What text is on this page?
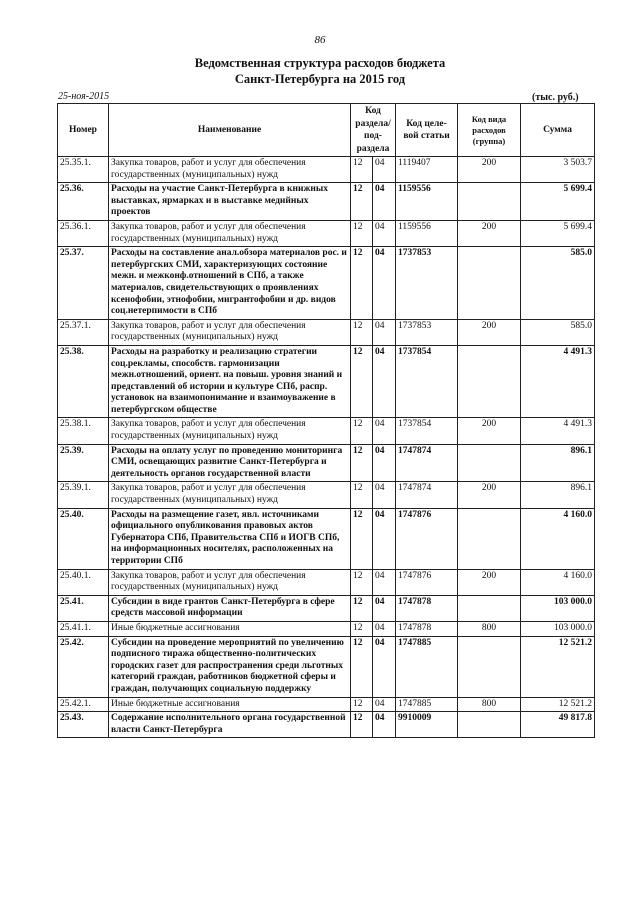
86
Ведомственная структура расходов бюджета
Санкт-Петербурга на 2015 год
25-ноя-2015	(тыс. руб.)
Номер	Наименование	Код раздела/ под- раздела		Код целе- вой статьи	Код вида расходов (группа)	Сумма
25.35.1.	Закупка товаров, работ и услуг для обеспечения государственных (муниципальных) нужд	12	04	1119407	200	3 503.7
25.36.	Расходы на участие Санкт-Петербурга в книжных выставках, ярмарках и в выставке медийных проектов	12	04	1159556		5 699.4
25.36.1.	Закупка товаров, работ и услуг для обеспечения государственных (муниципальных) нужд	12	04	1159556	200	5 699.4
25.37.	Расходы на составление анал.обзора материалов рос. и петербургских СМИ, характеризующих состояние межн. и межконф.отношений в СПб, а также материалов, свидетельствующих о проявлениях ксенофобии, этнофобии, мигрантофобии и др. видов соц.нетерпимости в СПб	12	04	1737853		585.0
25.37.1.	Закупка товаров, работ и услуг для обеспечения государственных (муниципальных) нужд	12	04	1737853	200	585.0
25.38.	Расходы на разработку и реализацию стратегии соц.рекламы, способств. гармонизации межн.отношений, ориент. на повыш. уровня знаний и представлений об истории и культуре СПб, распр. установок на взаимопонимание и взаимоуважение в петербургском обществе	12	04	1737854		4 491.3
25.38.1.	Закупка товаров, работ и услуг для обеспечения государственных (муниципальных) нужд	12	04	1737854	200	4 491.3
25.39.	Расходы на оплату услуг по проведению мониторинга СМИ, освещающих развитие Санкт-Петербурга и деятельность органов государственной власти	12	04	1747874		896.1
25.39.1.	Закупка товаров, работ и услуг для обеспечения государственных (муниципальных) нужд	12	04	1747874	200	896.1
25.40.	Расходы на размещение газет, явл. источниками официального опубликования правовых актов Губернатора СПб, Правительства СПб и ИОГВ СПб, на информационных носителях, расположенных на территории СПб	12	04	1747876		4 160.0
25.40.1.	Закупка товаров, работ и услуг для обеспечения государственных (муниципальных) нужд	12	04	1747876	200	4 160.0
25.41.	Субсидии в виде грантов Санкт-Петербурга в сфере средств массовой информации	12	04	1747878		103 000.0
25.41.1.	Иные бюджетные ассигнования	12	04	1747878	800	103 000.0
25.42.	Субсидии на проведение мероприятий по увеличению подписного тиража общественно-политических городских газет для распространения среди льготных категорий граждан, работников бюджетной сферы и граждан, получающих социальную поддержку	12	04	1747885		12 521.2
25.42.1.	Иные бюджетные ассигнования	12	04	1747885	800	12 521.2
25.43.	Содержание исполнительного органа государственной власти Санкт-Петербурга	12	04	9910009		49 817.8
